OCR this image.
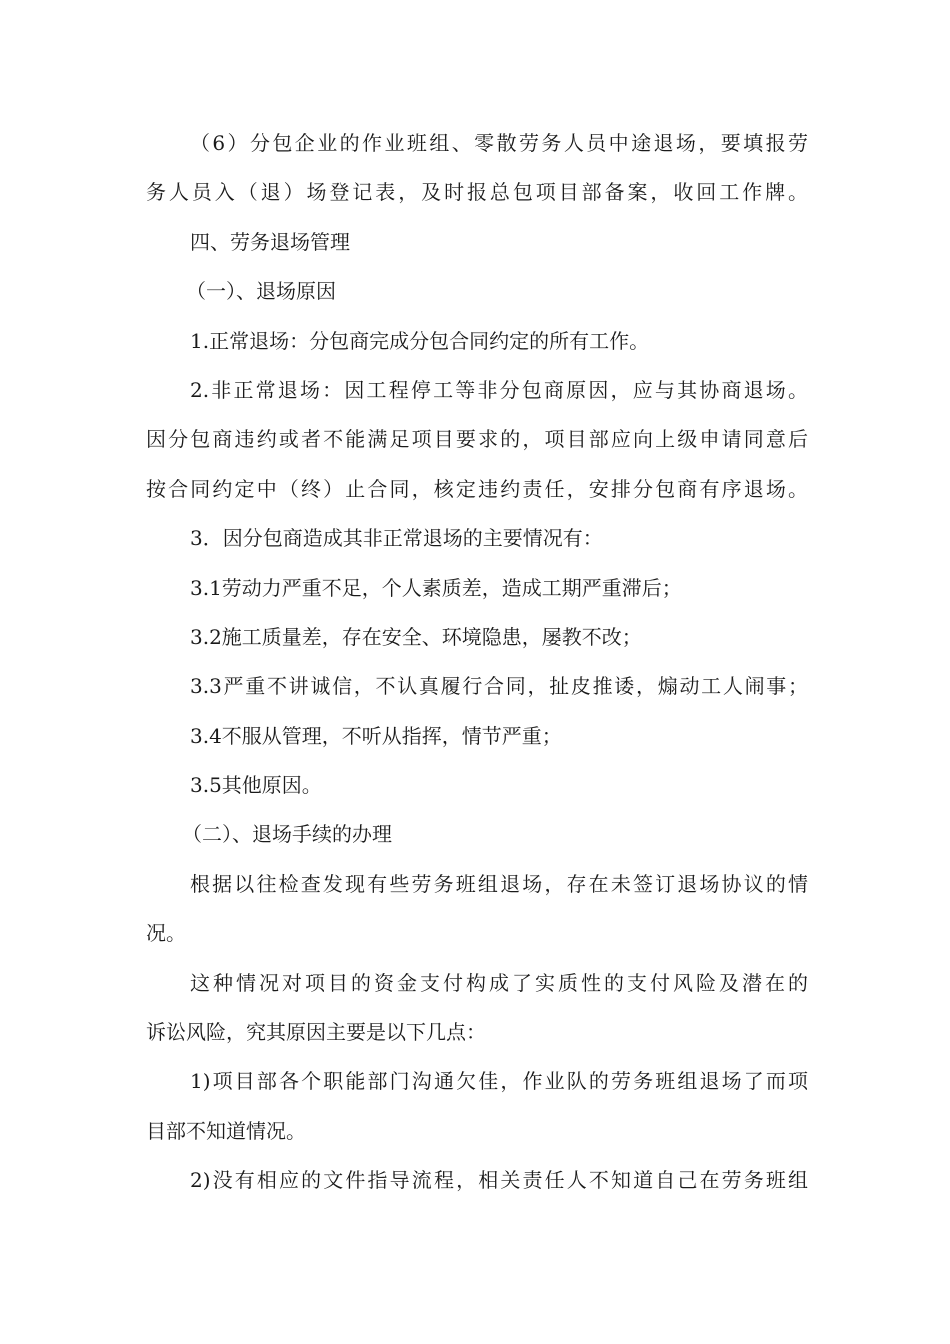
（6）分包企业的作业班组、零散劳务人员中途退场，要填报劳
务人员入（退）场登记表，及时报总包项目部备案，收回工作牌。
四、劳务退场管理
（一）、退场原因
1.正常退场：分包商完成分包合同约定的所有工作。
2.非正常退场：因工程停工等非分包商原因，应与其协商退场。
因分包商违约或者不能满足项目要求的，项目部应向上级申请同意后
按合同约定中（终）止合同，核定违约责任，安排分包商有序退场。
3．因分包商造成其非正常退场的主要情况有：
3.1劳动力严重不足，个人素质差，造成工期严重滞后；
3.2施工质量差，存在安全、环境隐患，屡教不改；
3.3严重不讲诚信，不认真履行合同，扯皮推诿，煽动工人闹事；
3.4不服从管理，不听从指挥，情节严重；
3.5其他原因。
（二）、退场手续的办理
根据以往检查发现有些劳务班组退场，存在未签订退场协议的情
况。
这种情况对项目的资金支付构成了实质性的支付风险及潜在的
诉讼风险，究其原因主要是以下几点：
1)项目部各个职能部门沟通欠佳，作业队的劳务班组退场了而项
目部不知道情况。
2)没有相应的文件指导流程，相关责任人不知道自己在劳务班组
